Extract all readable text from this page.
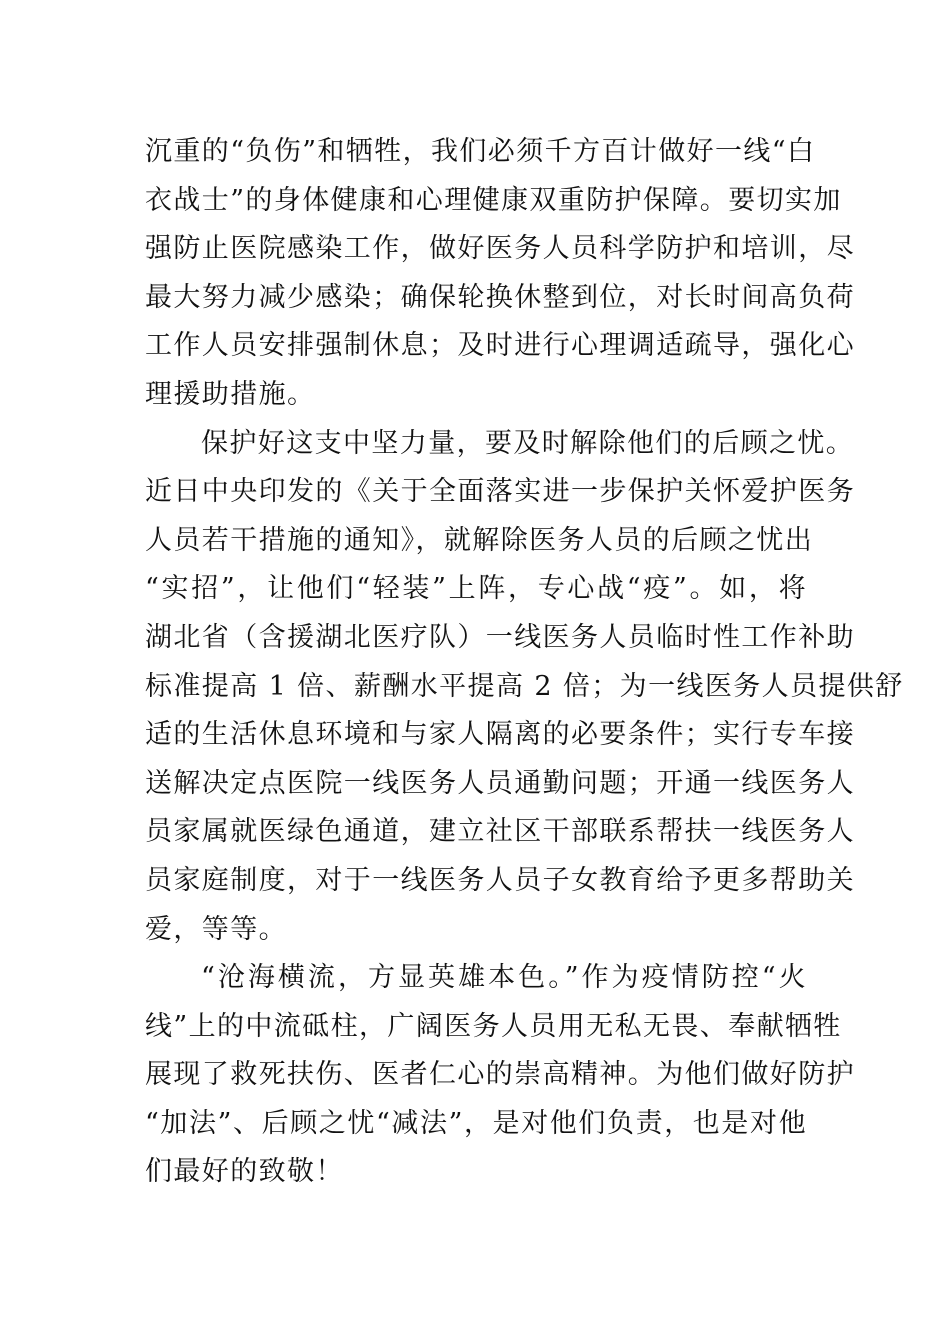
沉重的“负伤”和牺牲，我们必须千方百计做好一线“白
衣战士”的身体健康和心理健康双重防护保障。要切实加
强防止医院感染工作，做好医务人员科学防护和培训，尽
最大努力减少感染；确保轮换休整到位，对长时间高负荷
工作人员安排强制休息；及时进行心理调适疏导，强化心
理援助措施。

保护好这支中坚力量，要及时解除他们的后顾之忧。
近日中央印发的《关于全面落实进一步保护关怀爱护医务
人员若干措施的通知》，就解除医务人员的后顾之忧出
“实招”，让他们“轻装”上阵，专心战“疫”。如，将
湖北省（含援湖北医疗队）一线医务人员临时性工作补助
标准提高 1 倍、薪酬水平提高 2 倍；为一线医务人员提供舒
适的生活休息环境和与家人隔离的必要条件；实行专车接
送解决定点医院一线医务人员通勤问题；开通一线医务人
员家属就医绿色通道，建立社区干部联系帮扶一线医务人
员家庭制度，对于一线医务人员子女教育给予更多帮助关
爱，等等。

“沧海横流，方显英雄本色。”作为疫情防控“火
线”上的中流砥柱，广阔医务人员用无私无畏、奉献牺牲
展现了救死扶伤、医者仁心的崇高精神。为他们做好防护
“加法”、后顾之忧“减法”，是对他们负责，也是对他
们最好的致敬！
